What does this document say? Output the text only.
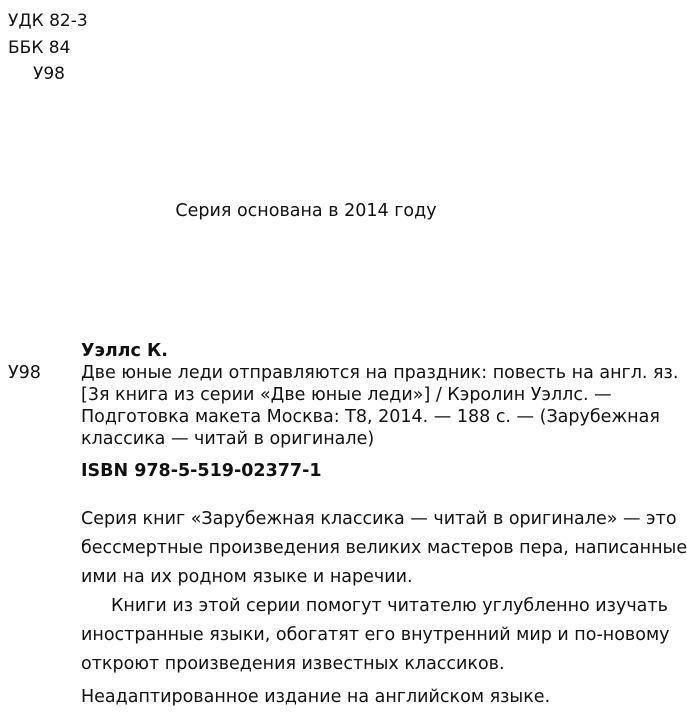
УДК 82-3
ББК 84
У98
Серия основана в 2014 году
У98
Уэллс К.
Две юные леди отправляются на праздник: повесть на англ. яз.
[3я книга из серии «Две юные леди»] / Кэролин Уэллс. —
Подготовка макета Москва: Т8, 2014. — 188 с. — (Зарубежная
классика — читай в оригинале)
ISBN 978-5-519-02377-1
Серия книг «Зарубежная классика — читай в оригинале» — это
бессмертные произведения великих мастеров пера, написанные
ими на их родном языке и наречии.
Книги из этой серии помогут читателю углубленно изучать
иностранные языки, обогатят его внутренний мир и по-новому
откроют произведения известных классиков.
Неадаптированное издание на английском языке.
